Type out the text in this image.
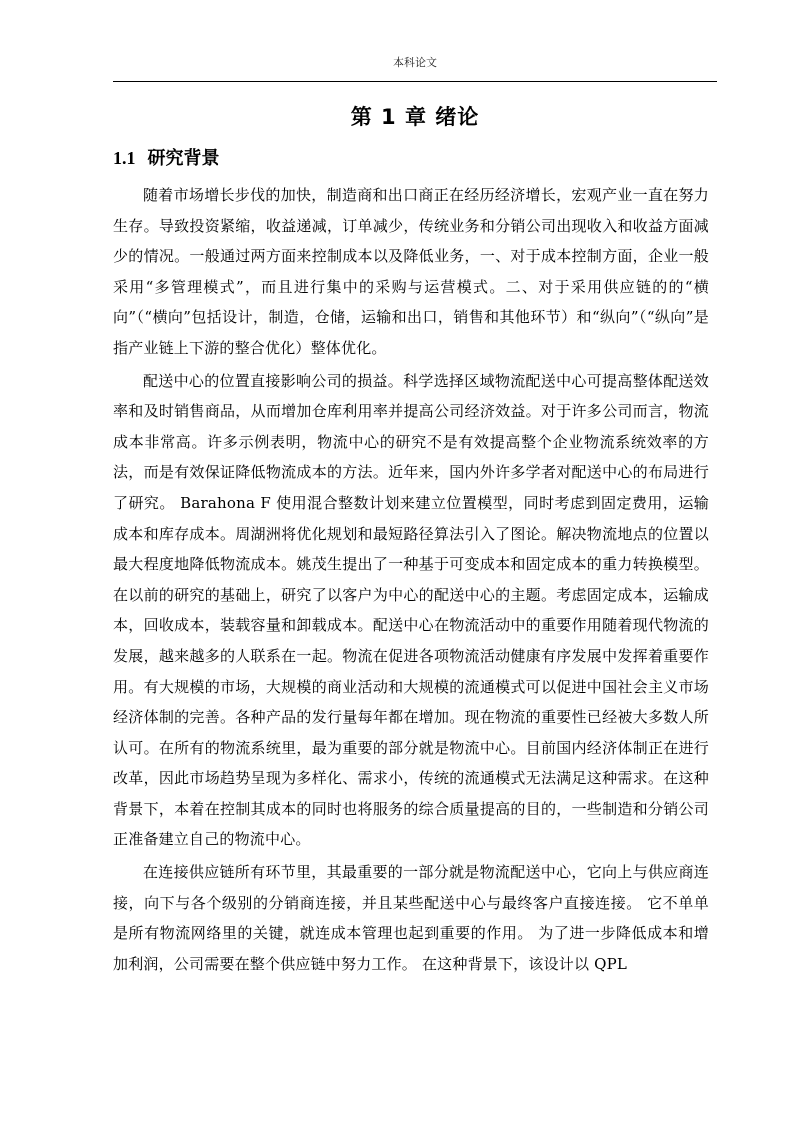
本科论文
第 1 章 绪论
1.1 研究背景

随着市场增长步伐的加快，制造商和出口商正在经历经济增长，宏观产业一直在努力生存。导致投资紧缩，收益递减，订单减少，传统业务和分销公司出现收入和收益方面减少的情况。一般通过两方面来控制成本以及降低业务，一、对于成本控制方面，企业一般采用“多管理模式”，而且进行集中的采购与运营模式。二、对于采用供应链的的“横向”（“横向”包括设计，制造，仓储，运输和出口，销售和其他环节）和“纵向”（“纵向”是指产业链上下游的整合优化）整体优化。

配送中心的位置直接影响公司的损益。科学选择区域物流配送中心可提高整体配送效率和及时销售商品，从而增加仓库利用率并提高公司经济效益。对于许多公司而言，物流成本非常高。许多示例表明，物流中心的研究不是有效提高整个企业物流系统效率的方法，而是有效保证降低物流成本的方法。近年来，国内外许多学者对配送中心的布局进行了研究。 Barahona F 使用混合整数计划来建立位置模型，同时考虑到固定费用，运输成本和库存成本。周湖洲将优化规划和最短路径算法引入了图论。解决物流地点的位置以最大程度地降低物流成本。姚茂生提出了一种基于可变成本和固定成本的重力转换模型。在以前的研究的基础上，研究了以客户为中心的配送中心的主题。考虑固定成本，运输成本，回收成本，装载容量和卸载成本。配送中心在物流活动中的重要作用随着现代物流的发展，越来越多的人联系在一起。物流在促进各项物流活动健康有序发展中发挥着重要作用。有大规模的市场，大规模的商业活动和大规模的流通模式可以促进中国社会主义市场经济体制的完善。各种产品的发行量每年都在增加。现在物流的重要性已经被大多数人所认可。在所有的物流系统里，最为重要的部分就是物流中心。目前国内经济体制正在进行改革，因此市场趋势呈现为多样化、需求小，传统的流通模式无法满足这种需求。在这种背景下，本着在控制其成本的同时也将服务的综合质量提高的目的，一些制造和分销公司正准备建立自己的物流中心。

在连接供应链所有环节里，其最重要的一部分就是物流配送中心，它向上与供应商连接，向下与各个级别的分销商连接，并且某些配送中心与最终客户直接连接。 它不单单是所有物流网络里的关键，就连成本管理也起到重要的作用。 为了进一步降低成本和增加利润，公司需要在整个供应链中努力工作。 在这种背景下，该设计以 QPL
